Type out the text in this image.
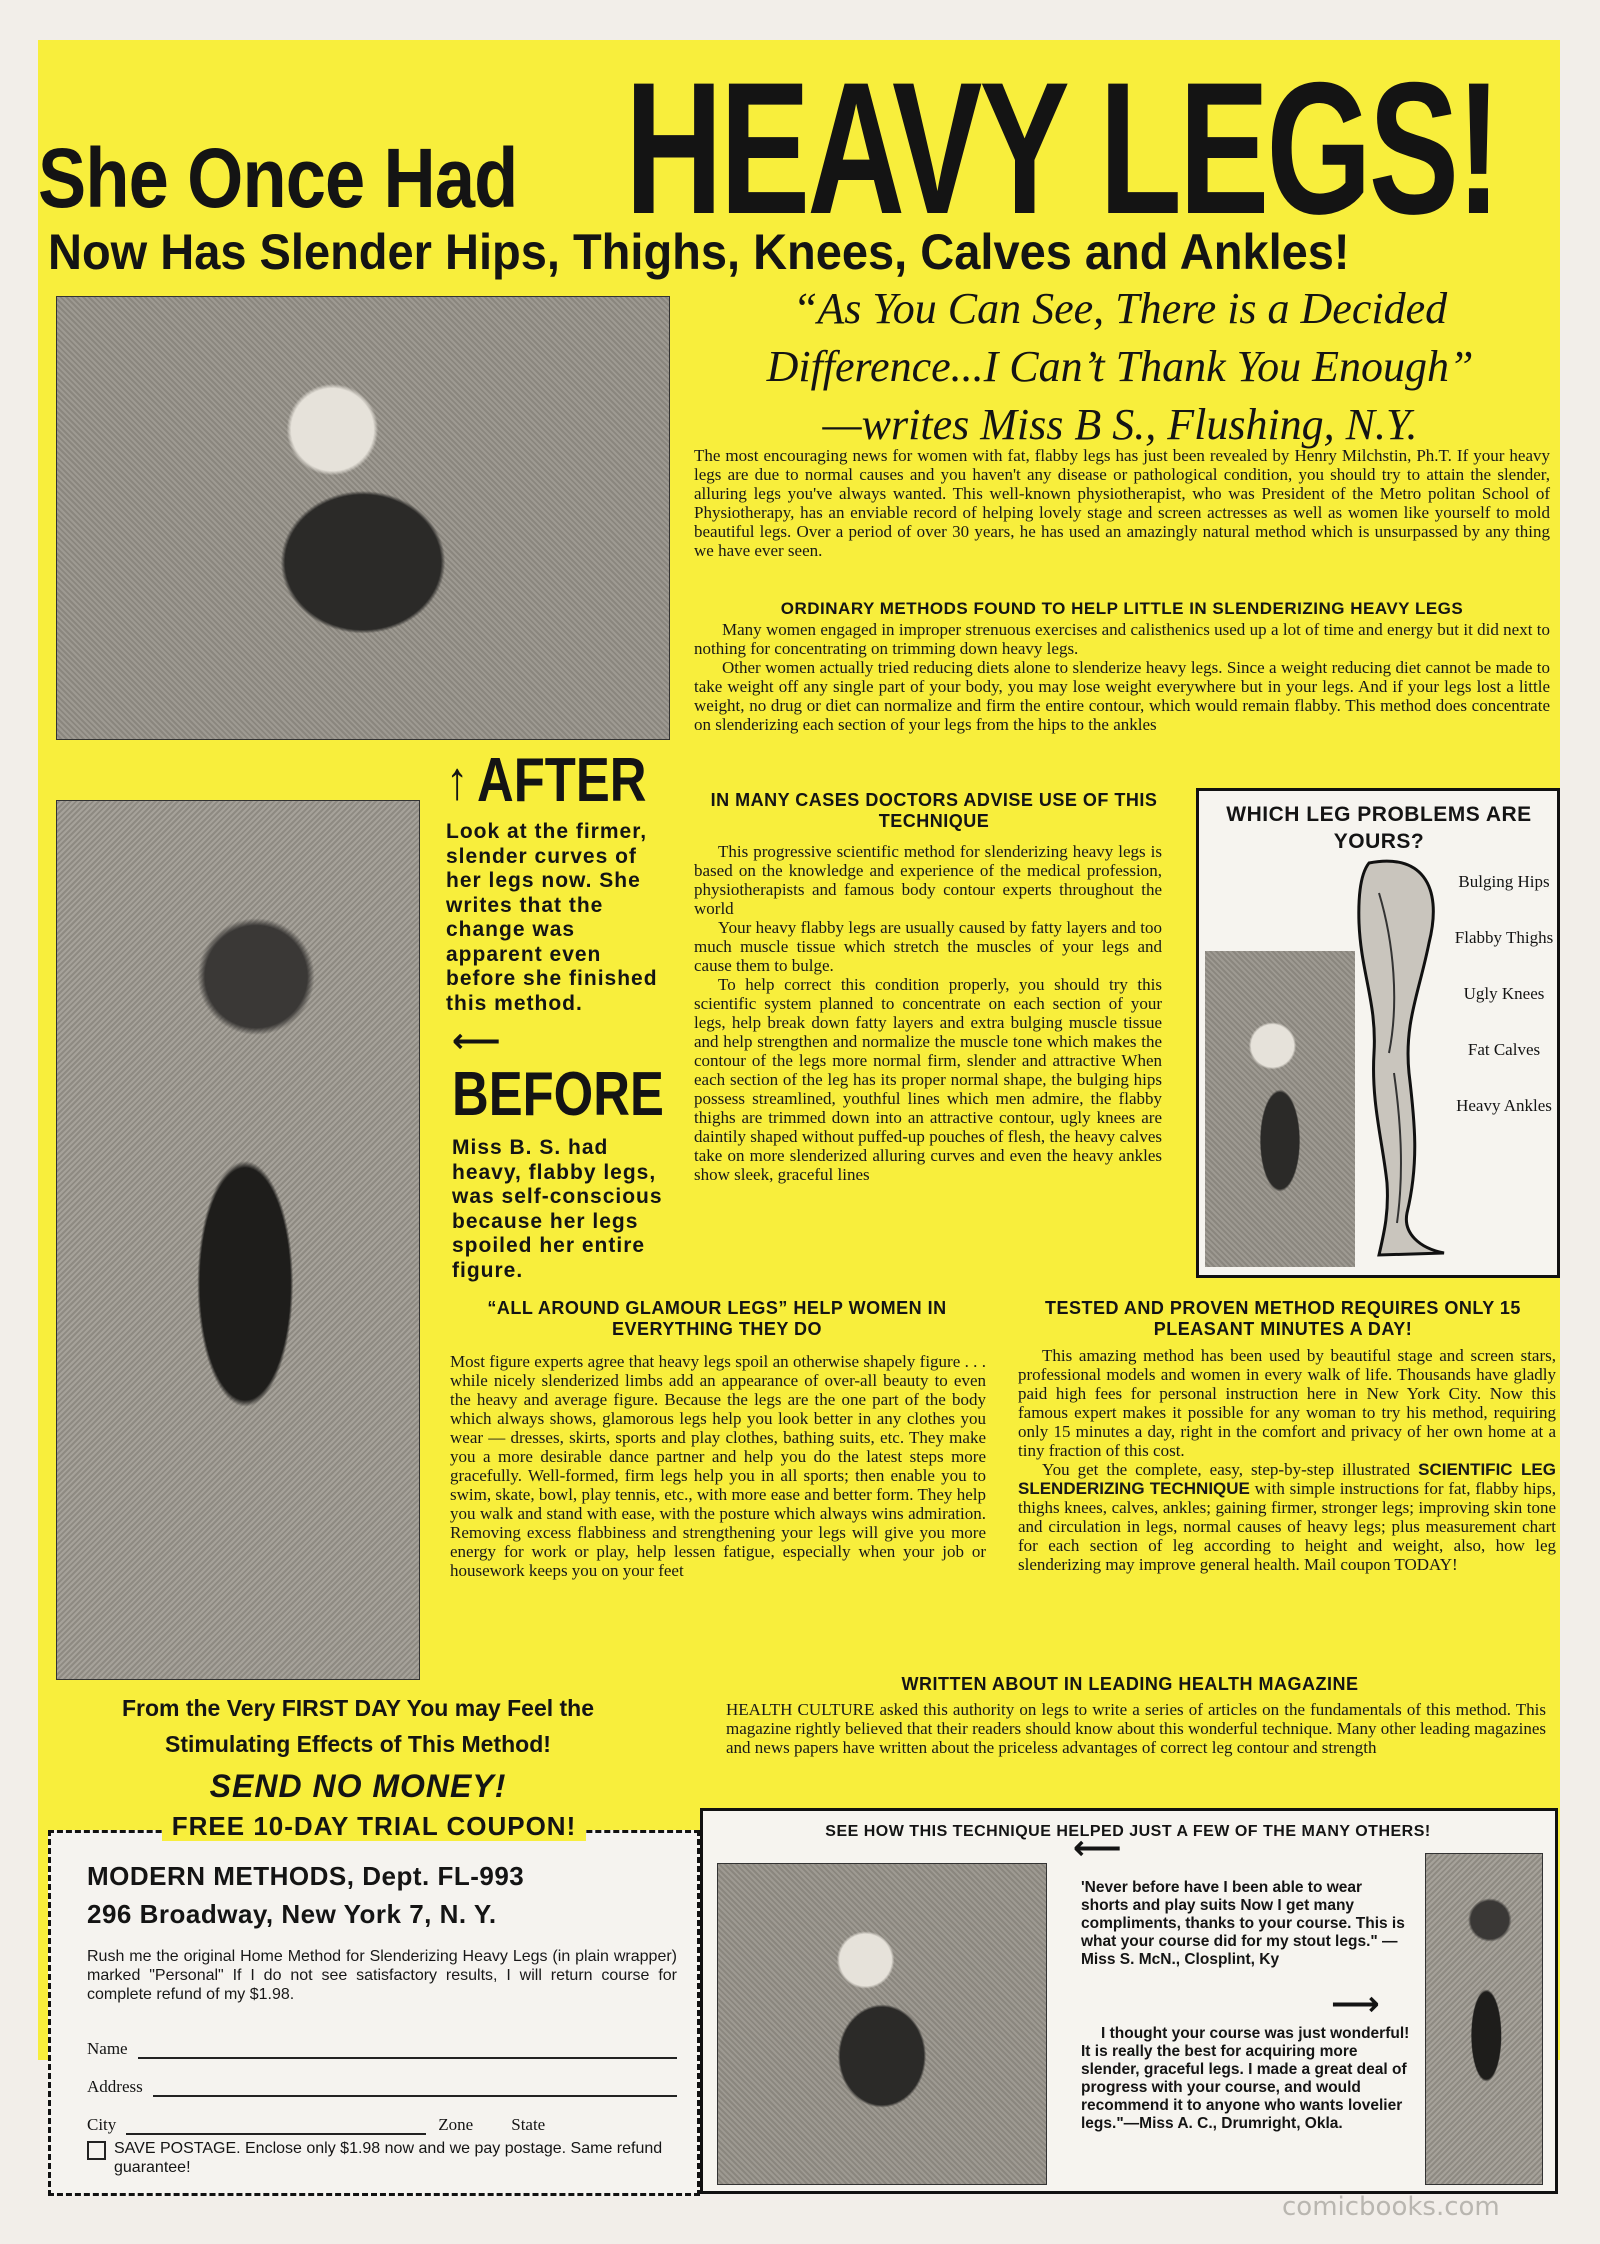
She Once Had HEAVY LEGS!
Now Has Slender Hips, Thighs, Knees, Calves and Ankles!
“As You Can See, There is a Decided
Difference...I Can’t Thank You Enough”
—writes Miss B S., Flushing, N.Y.
The most encouraging news for women with fat, flabby legs has just been revealed by Henry Milchstin, Ph.T. If your heavy legs are due to normal causes and you haven't any disease or pathological condition, you should try to attain the slender, alluring legs you've always wanted. This well-known physiotherapist, who was President of the Metro politan School of Physiotherapy, has an enviable record of helping lovely stage and screen actresses as well as women like yourself to mold beautiful legs. Over a period of over 30 years, he has used an amazingly natural method which is unsurpassed by any thing we have ever seen.
ORDINARY METHODS FOUND TO HELP LITTLE IN SLENDERIZING HEAVY LEGS
Many women engaged in improper strenuous exercises and calisthenics used up a lot of time and energy but it did next to nothing for concentrating on trimming down heavy legs.
Other women actually tried reducing diets alone to slenderize heavy legs. Since a weight reducing diet cannot be made to take weight off any single part of your body, you may lose weight everywhere but in your legs. And if your legs lost a little weight, no drug or diet can normalize and firm the entire contour, which would remain flabby. This method does concentrate on slenderizing each section of your legs from the hips to the ankles
↑ AFTER
Look at the firmer, slender curves of her legs now. She writes that the change was apparent even before she finished this method.
⟵
BEFORE
Miss B. S. had heavy, flabby legs, was self-conscious because her legs spoiled her entire figure.
IN MANY CASES DOCTORS ADVISE USE OF THIS TECHNIQUE
This progressive scientific method for slenderizing heavy legs is based on the knowledge and experience of the medical profession, physiotherapists and famous body contour experts throughout the world
Your heavy flabby legs are usually caused by fatty layers and too much muscle tissue which stretch the muscles of your legs and cause them to bulge.
To help correct this condition properly, you should try this scientific system planned to concentrate on each section of your legs, help break down fatty layers and extra bulging muscle tissue and help strengthen and normalize the muscle tone which makes the contour of the legs more normal firm, slender and attractive When each section of the leg has its proper normal shape, the bulging hips possess streamlined, youthful lines which men admire, the flabby thighs are trimmed down into an attractive contour, ugly knees are daintily shaped without puffed-up pouches of flesh, the heavy calves take on more slenderized alluring curves and even the heavy ankles show sleek, graceful lines
WHICH LEG PROBLEMS ARE YOURS?
Bulging Hips
Flabby Thighs
Ugly Knees
Fat Calves
Heavy Ankles
“ALL AROUND GLAMOUR LEGS” HELP WOMEN IN EVERYTHING THEY DO
Most figure experts agree that heavy legs spoil an otherwise shapely figure . . . while nicely slenderized limbs add an appearance of over-all beauty to even the heavy and average figure. Because the legs are the one part of the body which always shows, glamorous legs help you look better in any clothes you wear — dresses, skirts, sports and play clothes, bathing suits, etc. They make you a more desirable dance partner and help you do the latest steps more gracefully. Well-formed, firm legs help you in all sports; then enable you to swim, skate, bowl, play tennis, etc., with more ease and better form. They help you walk and stand with ease, with the posture which always wins admiration. Removing excess flabbiness and strengthening your legs will give you more energy for work or play, help lessen fatigue, especially when your job or housework keeps you on your feet
TESTED AND PROVEN METHOD REQUIRES ONLY 15 PLEASANT MINUTES A DAY!
This amazing method has been used by beautiful stage and screen stars, professional models and women in every walk of life. Thousands have gladly paid high fees for personal instruction here in New York City. Now this famous expert makes it possible for any woman to try his method, requiring only 15 minutes a day, right in the comfort and privacy of her own home at a tiny fraction of this cost.
You get the complete, easy, step-by-step illustrated SCIENTIFIC LEG SLENDERIZING TECHNIQUE with simple instructions for fat, flabby hips, thighs knees, calves, ankles; gaining firmer, stronger legs; improving skin tone and circulation in legs, normal causes of heavy legs; plus measurement chart for each section of leg according to height and weight, also, how leg slenderizing may improve general health. Mail coupon TODAY!
From the Very FIRST DAY You may Feel the
Stimulating Effects of This Method!
SEND NO MONEY!
WRITTEN ABOUT IN LEADING HEALTH MAGAZINE
HEALTH CULTURE asked this authority on legs to write a series of articles on the fundamentals of this method. This magazine rightly believed that their readers should know about this wonderful technique. Many other leading magazines and news papers have written about the priceless advantages of correct leg contour and strength
FREE 10-DAY TRIAL COUPON!
MODERN METHODS, Dept. FL-993
296 Broadway, New York 7, N. Y.
Rush me the original Home Method for Slenderizing Heavy Legs (in plain wrapper) marked "Personal" If I do not see satisfactory results, I will return course for complete refund of my $1.98.
Name
Address
City	Zone State
SAVE POSTAGE. Enclose only $1.98 now and we pay postage. Same refund guarantee!
SEE HOW THIS TECHNIQUE HELPED JUST A FEW OF THE MANY OTHERS!
⟵
'Never before have I been able to wear shorts and play suits Now I get many compliments, thanks to your course. This is what your course did for my stout legs." —Miss S. McN., Closplint, Ky
⟶
I thought your course was just wonderful! It is really the best for acquiring more slender, graceful legs. I made a great deal of progress with your course, and would recommend it to anyone who wants lovelier legs."—Miss A. C., Drumright, Okla.
comicbooks.com
